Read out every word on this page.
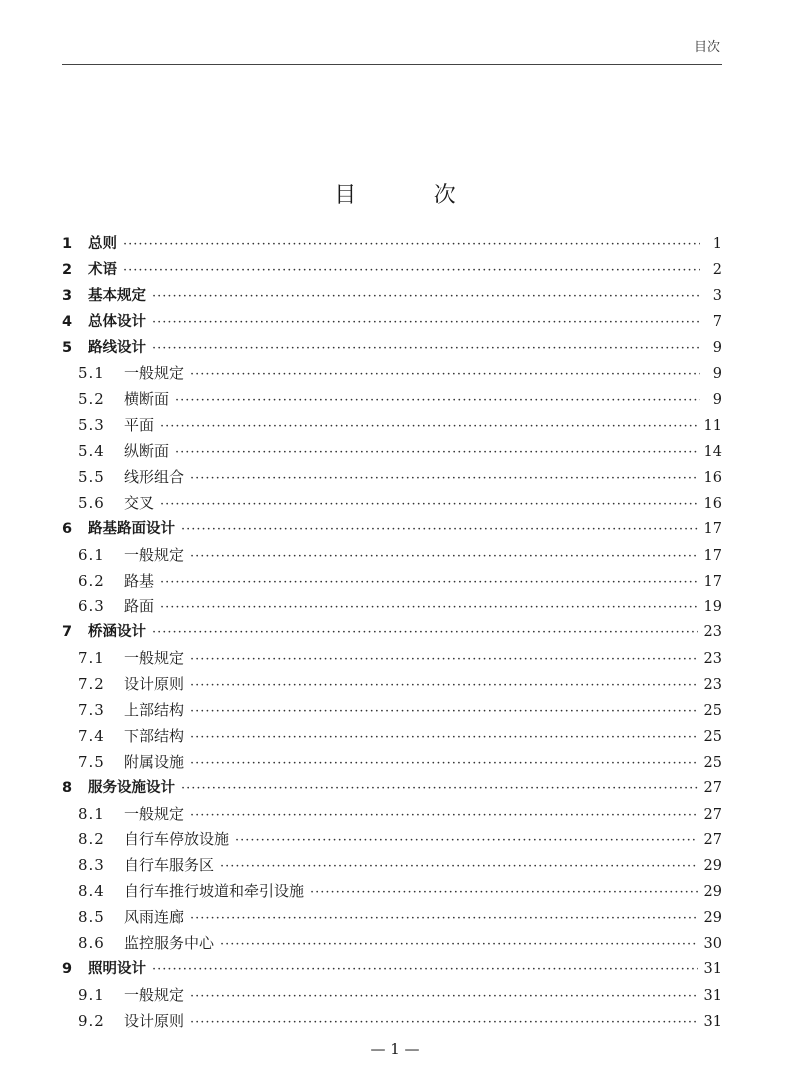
目次
目 次
1	总则 ·····	1
2	术语 ·····	2
3	基本规定 ·····	3
4	总体设计 ·····	7
5	路线设计 ·····	9
5.1	一般规定 ·····	9
5.2	横断面 ·····	9
5.3	平面 ·····	11
5.4	纵断面 ·····	14
5.5	线形组合 ·····	16
5.6	交叉 ·····	16
6	路基路面设计 ·····	17
6.1	一般规定 ·····	17
6.2	路基 ·····	17
6.3	路面 ·····	19
7	桥涵设计 ·····	23
7.1	一般规定 ·····	23
7.2	设计原则 ·····	23
7.3	上部结构 ·····	25
7.4	下部结构 ·····	25
7.5	附属设施 ·····	25
8	服务设施设计 ·····	27
8.1	一般规定 ·····	27
8.2	自行车停放设施 ·····	27
8.3	自行车服务区 ·····	29
8.4	自行车推行坡道和牵引设施 ·····	29
8.5	风雨连廊 ·····	29
8.6	监控服务中心 ·····	30
9	照明设计 ·····	31
9.1	一般规定 ·····	31
9.2	设计原则 ·····	31
— 1 —
